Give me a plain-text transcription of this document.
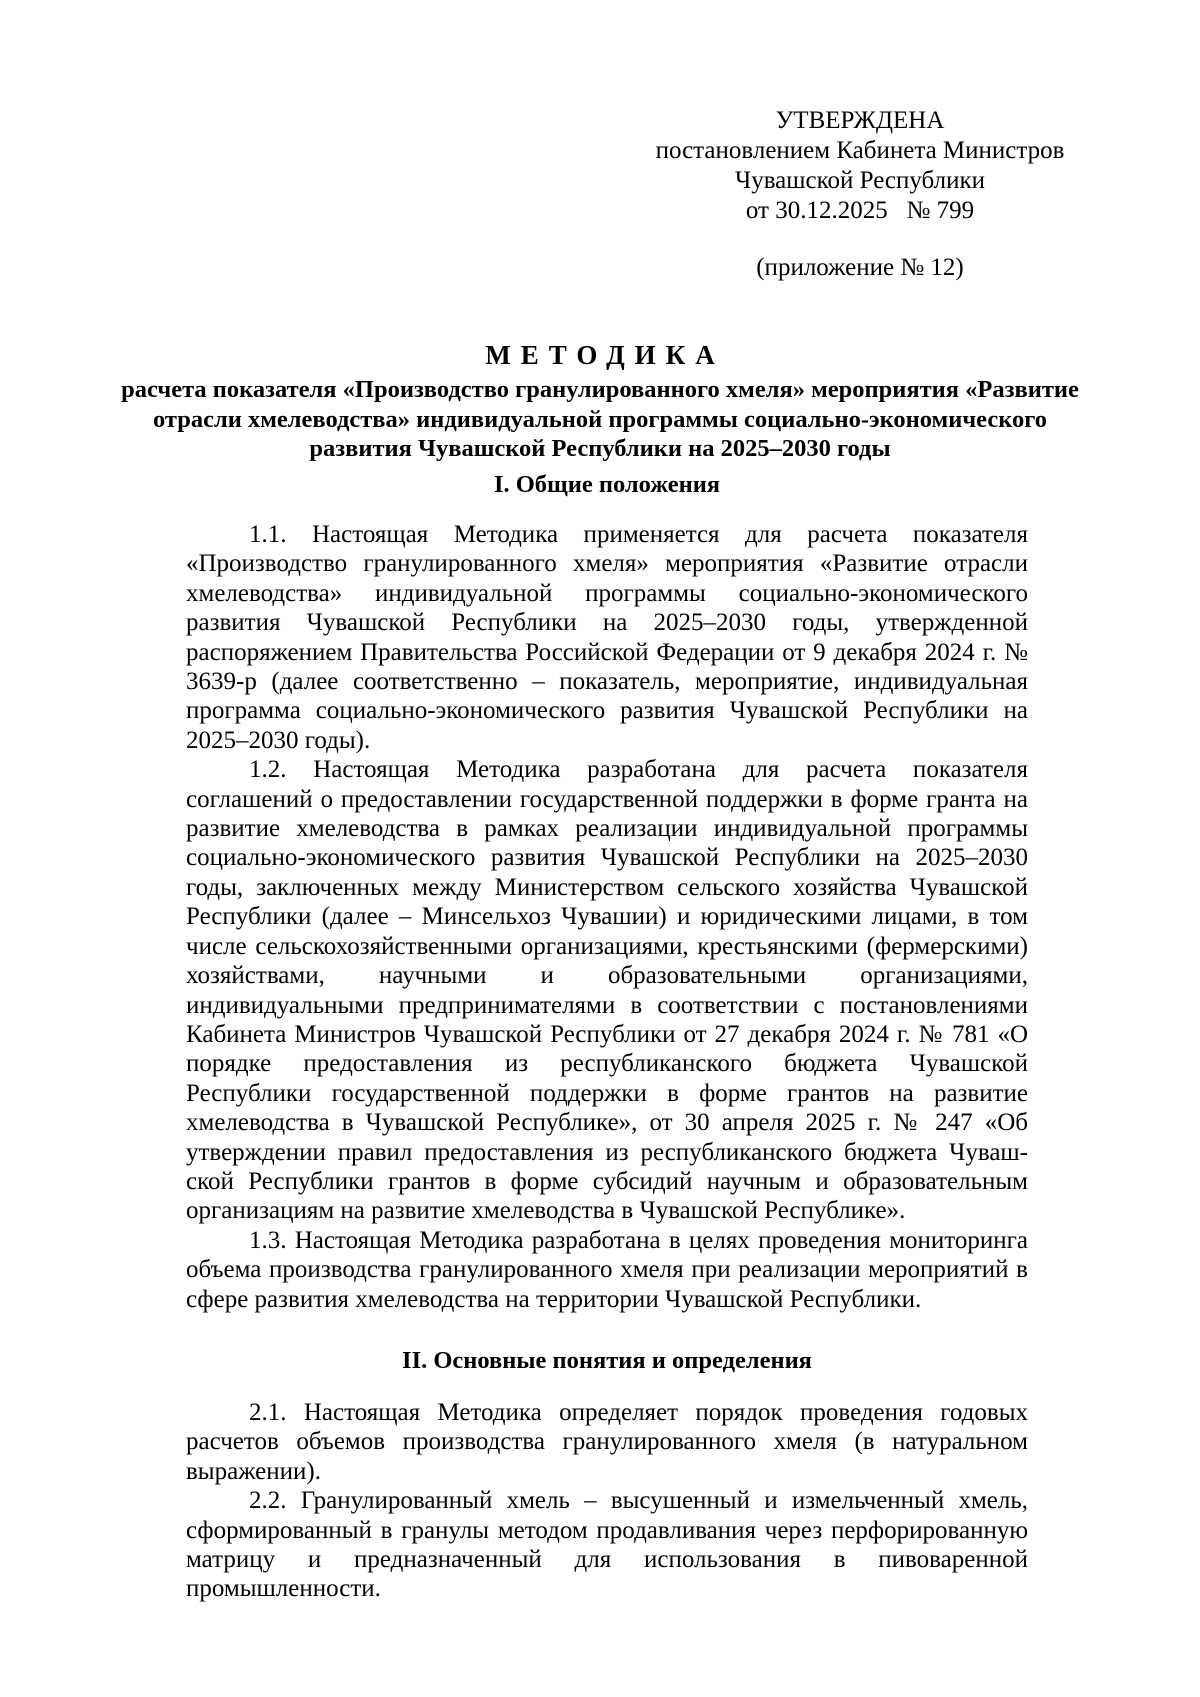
УТВЕРЖДЕНА
постановлением Кабинета Министров
Чувашской Республики
от 30.12.2025   № 799
(приложение № 12)
МЕТОДИКА
расчета показателя «Производство гранулированного хмеля» мероприятия «Развитие отрасли хмелеводства» индивидуальной программы социально-экономического развития Чувашской Республики на 2025–2030 годы
I. Общие положения

1.1. Настоящая Методика применяется для расчета показателя «Производство гранулированного хмеля» мероприятия «Развитие отрасли хмелеводства» индивидуальной программы социально-экономического развития Чувашской Республики на 2025–2030 годы, утвержденной распоряжением Правительства Российской Федерации от 9 декабря 2024 г. № 3639-р (далее соответственно – показатель, мероприятие, индивидуальная программа социально-экономического развития Чувашской Республики на 2025–2030 годы).

1.2. Настоящая Методика разработана для расчета показателя соглашений о предоставлении государственной поддержки в форме гранта на развитие хмелеводства в рамках реализации индивидуальной программы социально-экономического развития Чувашской Республики на 2025–2030 годы, заключенных между Министерством сельского хозяйства Чувашской Республики (далее – Минсельхоз Чувашии) и юридическими лицами, в том числе сельскохозяйственными организациями, крестьянскими (фермерскими) хозяйствами, научными и образовательными организациями, индивидуальными предпринимателями в соответствии с постановлениями Кабинета Министров Чувашской Республики от 27 декабря 2024 г. № 781 «О порядке предоставления из республиканского бюджета Чувашской Республики государственной поддержки в форме грантов на развитие хмелеводства в Чувашской Республике», от 30 апреля 2025 г. № 247 «Об утверждении правил предоставления из республиканского бюджета Чувашской Республики грантов в форме субсидий научным и образовательным организациям на развитие хмелеводства в Чувашской Республике».

1.3. Настоящая Методика разработана в целях проведения мониторинга объема производства гранулированного хмеля при реализации мероприятий в сфере развития хмелеводства на территории Чувашской Республики.

II. Основные понятия и определения

2.1. Настоящая Методика определяет порядок проведения годовых расчетов объемов производства гранулированного хмеля (в натуральном выражении).

2.2. Гранулированный хмель – высушенный и измельченный хмель, сформированный в гранулы методом продавливания через перфорированную матрицу и предназначенный для использования в пивоваренной промышленности.
